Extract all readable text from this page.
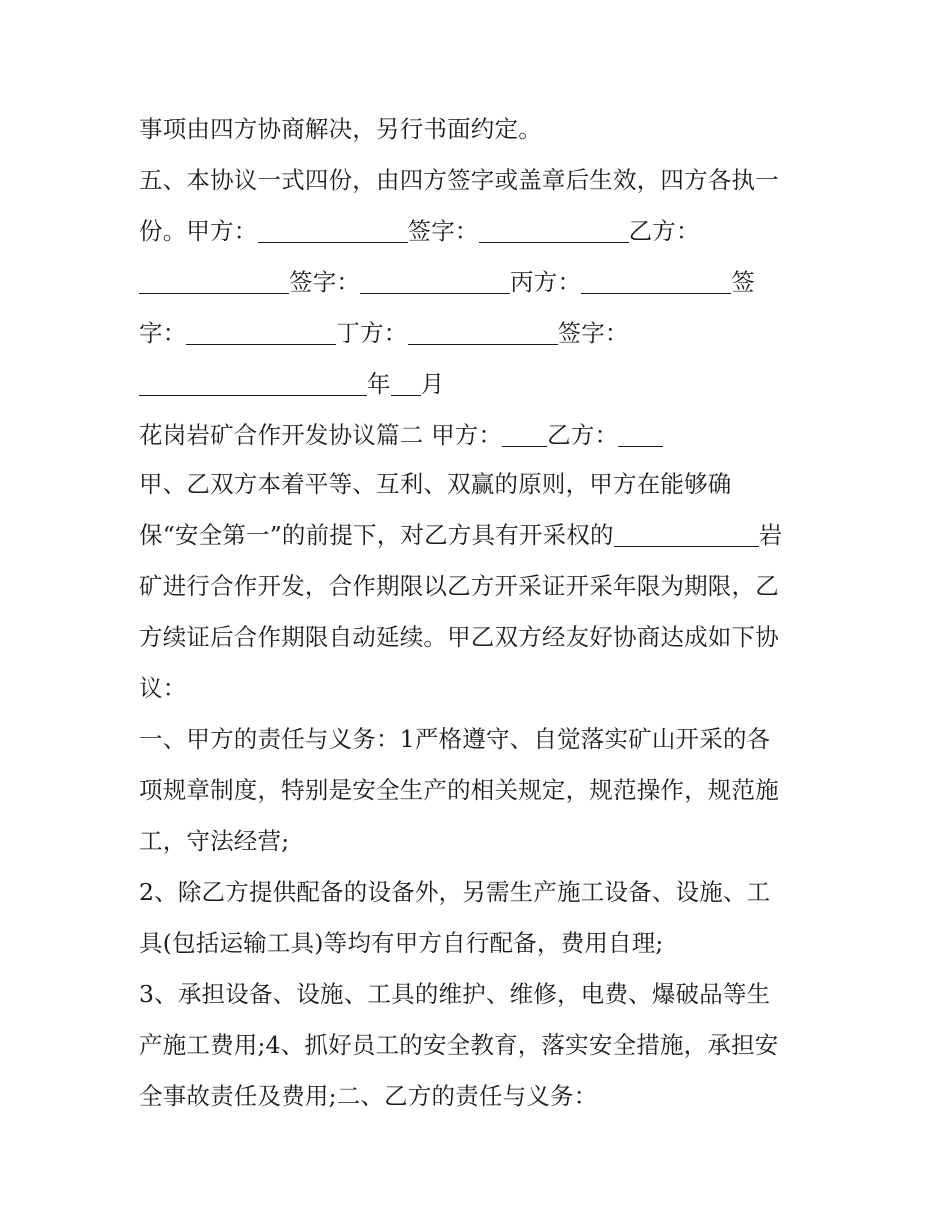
事项由四方协商解决，另行书面约定。
五、本协议一式四份，由四方签字或盖章后生效，四方各执一
份。甲方：	签字：	乙方：
签字：	丙方：	签
字：	丁方：	签字：
年 月
花岗岩矿合作开发协议篇二 甲方： 乙方：
甲、乙双方本着平等、互利、双赢的原则，甲方在能够确
保“安全第一”的前提下，对乙方具有开采权的	岩
矿进行合作开发，合作期限以乙方开采证开采年限为期限，乙
方续证后合作期限自动延续。甲乙双方经友好协商达成如下协
议：
一、甲方的责任与义务：1严格遵守、自觉落实矿山开采的各
项规章制度，特别是安全生产的相关规定，规范操作，规范施
工，守法经营;
2、除乙方提供配备的设备外，另需生产施工设备、设施、工
具(包括运输工具)等均有甲方自行配备，费用自理;
3、承担设备、设施、工具的维护、维修，电费、爆破品等生
产施工费用;4、抓好员工的安全教育，落实安全措施，承担安
全事故责任及费用;二、乙方的责任与义务：
